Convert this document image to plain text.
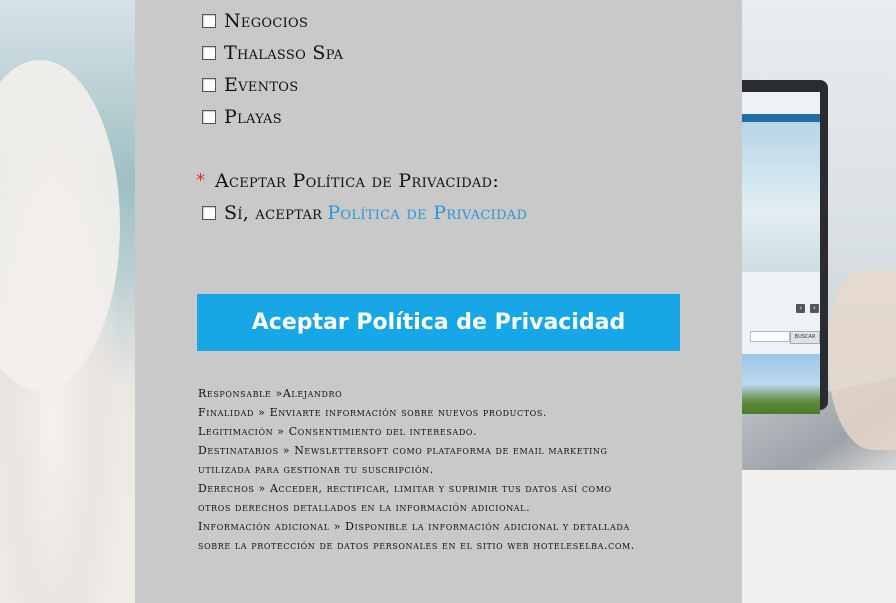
‹	›
BUSCAR
Negocios
Thalasso Spa
Eventos
Playas
* Aceptar Política de Privacidad:
Sí, aceptar
Política de Privacidad
Aceptar Política de Privacidad
Responsable »Alejandro
Finalidad » Enviarte información sobre nuevos productos.
Legitimación » Consentimiento del interesado.
Destinatarios » Newslettersoft como plataforma de email marketing
utilizada para gestionar tu suscripción.
Derechos » Acceder, rectificar, limitar y suprimir tus datos así como
otros derechos detallados en la información adicional.
Información adicional » Disponible la información adicional y detallada
sobre la protección de datos personales en el sitio web hoteleselba.com.
